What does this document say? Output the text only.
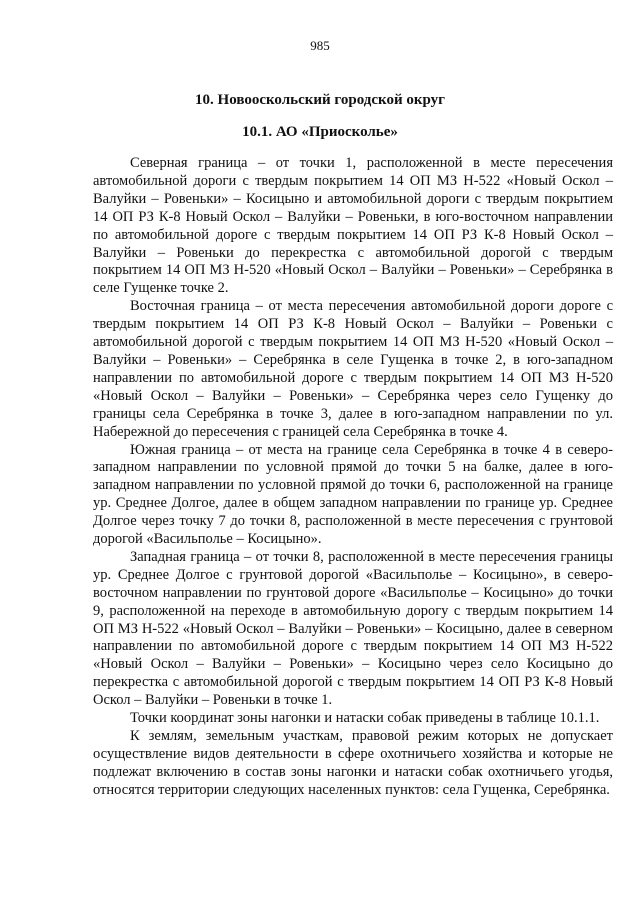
985
10. Новооскольский городской округ
10.1. АО «Приосколье»

Северная граница – от точки 1, расположенной в месте пересечения автомобильной дороги с твердым покрытием 14 ОП МЗ Н-522 «Новый Оскол – Валуйки – Ровеньки» – Косицыно и автомобильной дороги с твердым покрытием 14 ОП РЗ К-8 Новый Оскол – Валуйки – Ровеньки, в юго-восточном направлении по автомобильной дороге с твердым покрытием 14 ОП РЗ К-8 Новый Оскол – Валуйки – Ровеньки до перекрестка с автомобильной дорогой с твердым покрытием 14 ОП МЗ Н-520 «Новый Оскол – Валуйки – Ровеньки» – Серебрянка в селе Гущенке точке 2.

Восточная граница – от места пересечения автомобильной дороги дороге с твердым покрытием 14 ОП РЗ К-8 Новый Оскол – Валуйки – Ровеньки с автомобильной дорогой с твердым покрытием 14 ОП МЗ Н-520 «Новый Оскол – Валуйки – Ровеньки» – Серебрянка в селе Гущенка в точке 2, в юго-западном направлении по автомобильной дороге с твердым покрытием 14 ОП МЗ Н-520 «Новый Оскол – Валуйки – Ровеньки» – Серебрянка через село Гущенку до границы села Серебрянка в точке 3, далее в юго-западном направлении по ул. Набережной до пересечения с границей села Серебрянка в точке 4.

Южная граница – от места на границе села Серебрянка в точке 4 в северо-западном направлении по условной прямой до точки 5 на балке, далее в юго-западном направлении по условной прямой до точки 6, расположенной на границе ур. Среднее Долгое, далее в общем западном направлении по границе ур. Среднее Долгое через точку 7 до точки 8, расположенной в месте пересечения с грунтовой дорогой «Васильполье – Косицыно».

Западная граница – от точки 8, расположенной в месте пересечения границы ур. Среднее Долгое с грунтовой дорогой «Васильполье – Косицыно», в северо-восточном направлении по грунтовой дороге «Васильполье – Косицыно» до точки 9, расположенной на переходе в автомобильную дорогу с твердым покрытием 14 ОП МЗ Н-522 «Новый Оскол – Валуйки – Ровеньки» – Косицыно, далее в северном направлении по автомобильной дороге с твердым покрытием 14 ОП МЗ Н-522 «Новый Оскол – Валуйки – Ровеньки» – Косицыно через село Косицыно до перекрестка с автомобильной дорогой с твердым покрытием 14 ОП РЗ К-8 Новый Оскол – Валуйки – Ровеньки в точке 1.

Точки координат зоны нагонки и натаски собак приведены в таблице 10.1.1.

К землям, земельным участкам, правовой режим которых не допускает осуществление видов деятельности в сфере охотничьего хозяйства и которые не подлежат включению в состав зоны нагонки и натаски собак охотничьего угодья, относятся территории следующих населенных пунктов: села Гущенка, Серебрянка.
